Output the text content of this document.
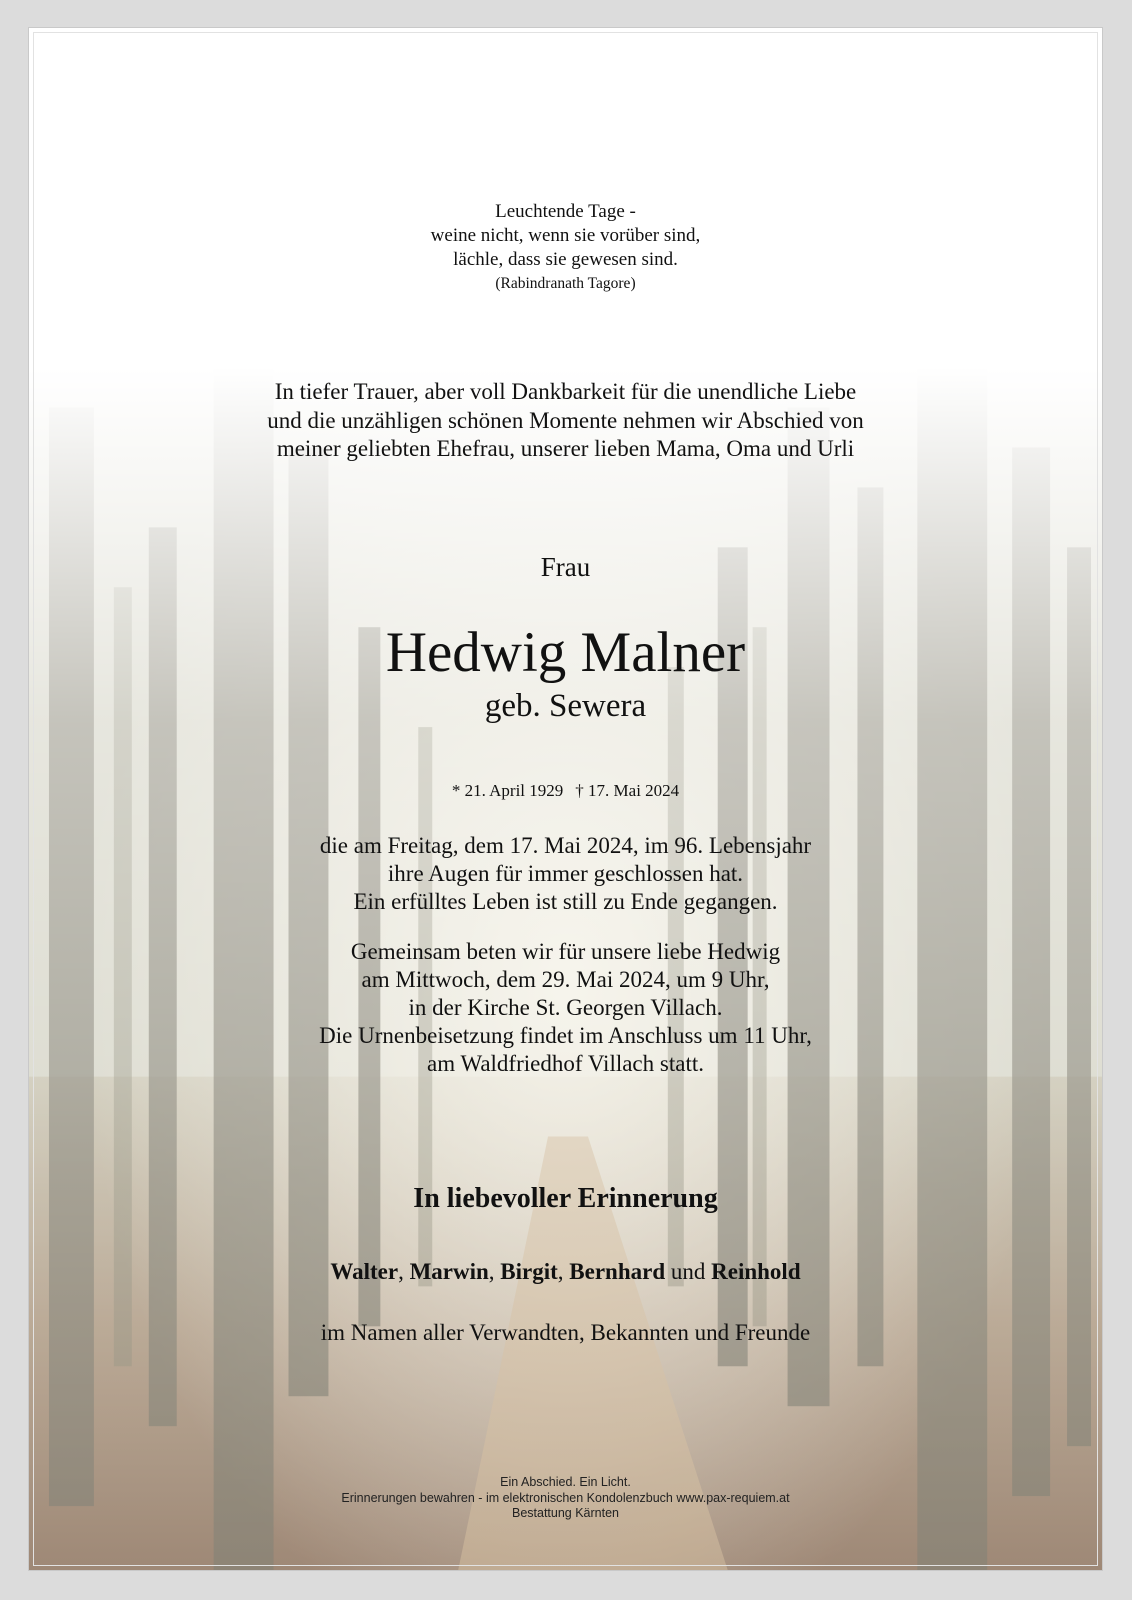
Leuchtende Tage -
weine nicht, wenn sie vorüber sind,
lächle, dass sie gewesen sind.
(Rabindranath Tagore)
In tiefer Trauer, aber voll Dankbarkeit für die unendliche Liebe
und die unzähligen schönen Momente nehmen wir Abschied von
meiner geliebten Ehefrau, unserer lieben Mama, Oma und Urli
Frau
Hedwig Malner
geb. Sewera
* 21. April 1929 † 17. Mai 2024
die am Freitag, dem 17. Mai 2024, im 96. Lebensjahr
ihre Augen für immer geschlossen hat.
Ein erfülltes Leben ist still zu Ende gegangen.
Gemeinsam beten wir für unsere liebe Hedwig
am Mittwoch, dem 29. Mai 2024, um 9 Uhr,
in der Kirche St. Georgen Villach.
Die Urnenbeisetzung findet im Anschluss um 11 Uhr,
am Waldfriedhof Villach statt.
In liebevoller Erinnerung
Walter, Marwin, Birgit, Bernhard und Reinhold
im Namen aller Verwandten, Bekannten und Freunde
Ein Abschied. Ein Licht.
Erinnerungen bewahren - im elektronischen Kondolenzbuch www.pax-requiem.at
Bestattung Kärnten
